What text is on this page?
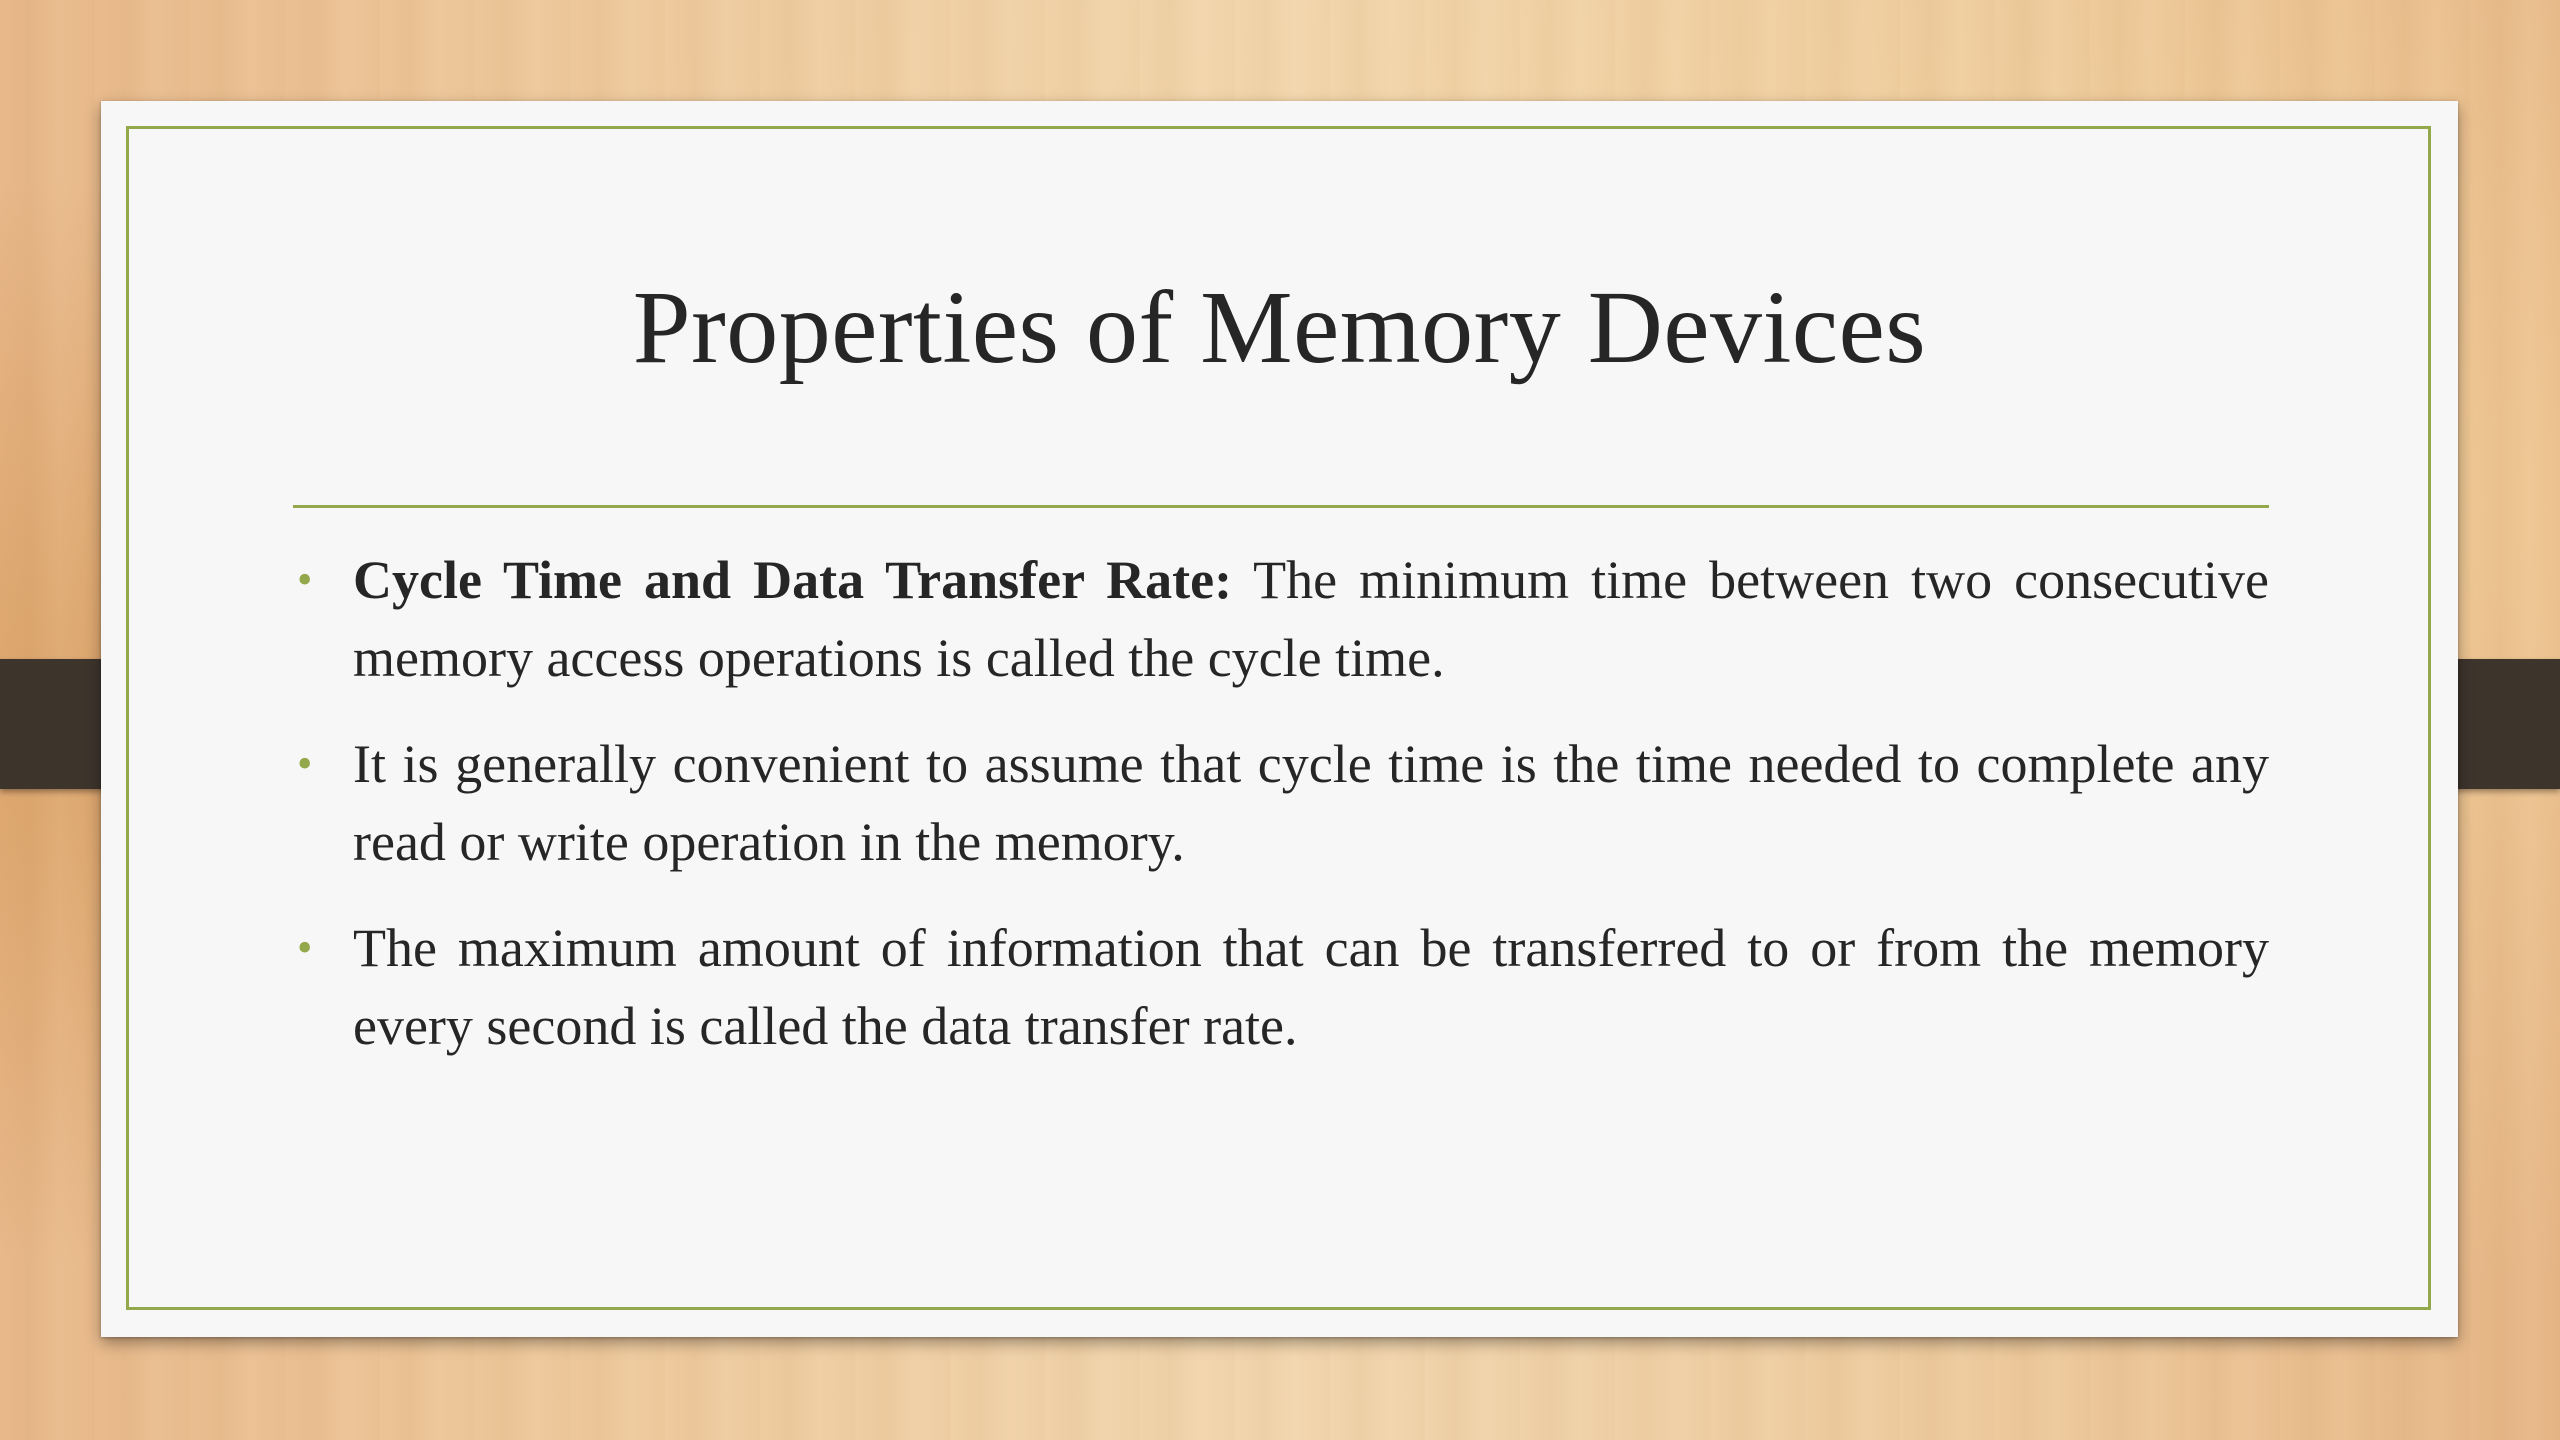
Properties of Memory Devices
• Cycle Time and Data Transfer Rate: The minimum time between two consecutive memory access operations is called the cycle time.
• It is generally convenient to assume that cycle time is the time needed to complete any read or write operation in the memory.
• The maximum amount of information that can be transferred to or from the memory every second is called the data transfer rate.
